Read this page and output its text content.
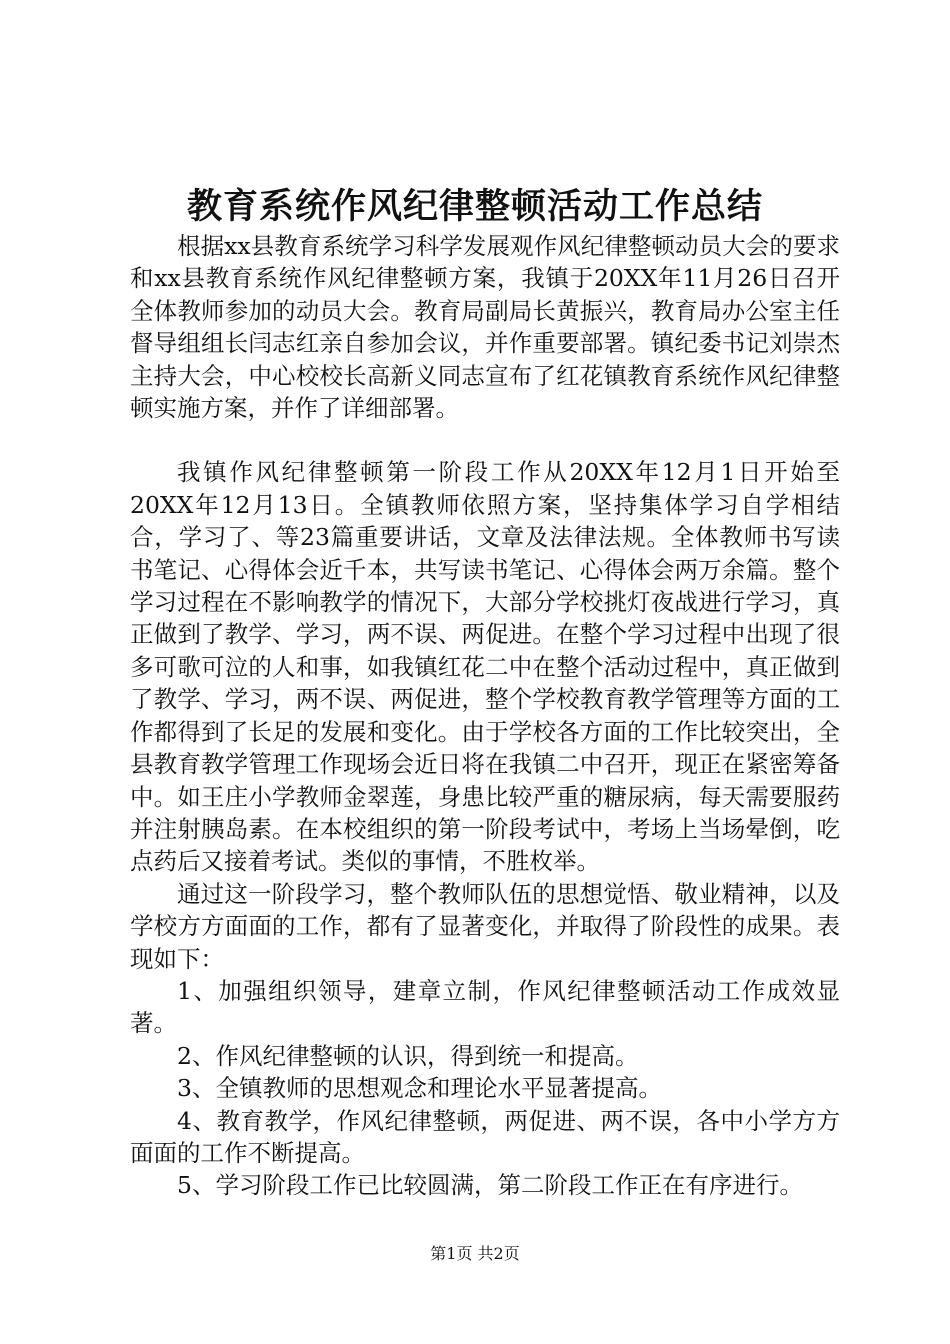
教育系统作风纪律整顿活动工作总结

根据xx县教育系统学习科学发展观作风纪律整顿动员大会的要求和xx县教育系统作风纪律整顿方案，我镇于20XX年11月26日召开全体教师参加的动员大会。教育局副局长黄振兴，教育局办公室主任督导组组长闫志红亲自参加会议，并作重要部署。镇纪委书记刘崇杰主持大会，中心校校长高新义同志宣布了红花镇教育系统作风纪律整顿实施方案，并作了详细部署。

我镇作风纪律整顿第一阶段工作从20XX年12月1日开始至20XX年12月13日。全镇教师依照方案，坚持集体学习自学相结合，学习了、等23篇重要讲话，文章及法律法规。全体教师书写读书笔记、心得体会近千本，共写读书笔记、心得体会两万余篇。整个学习过程在不影响教学的情况下，大部分学校挑灯夜战进行学习，真正做到了教学、学习，两不误、两促进。在整个学习过程中出现了很多可歌可泣的人和事，如我镇红花二中在整个活动过程中，真正做到了教学、学习，两不误、两促进，整个学校教育教学管理等方面的工作都得到了长足的发展和变化。由于学校各方面的工作比较突出，全县教育教学管理工作现场会近日将在我镇二中召开，现正在紧密筹备中。如王庄小学教师金翠莲，身患比较严重的糖尿病，每天需要服药并注射胰岛素。在本校组织的第一阶段考试中，考场上当场晕倒，吃点药后又接着考试。类似的事情，不胜枚举。

通过这一阶段学习，整个教师队伍的思想觉悟、敬业精神，以及学校方方面面的工作，都有了显著变化，并取得了阶段性的成果。表现如下：

1、加强组织领导，建章立制，作风纪律整顿活动工作成效显著。

2、作风纪律整顿的认识，得到统一和提高。

3、全镇教师的思想观念和理论水平显著提高。

4、教育教学，作风纪律整顿，两促进、两不误，各中小学方方面面的工作不断提高。

5、学习阶段工作已比较圆满，第二阶段工作正在有序进行。

第1页 共2页
